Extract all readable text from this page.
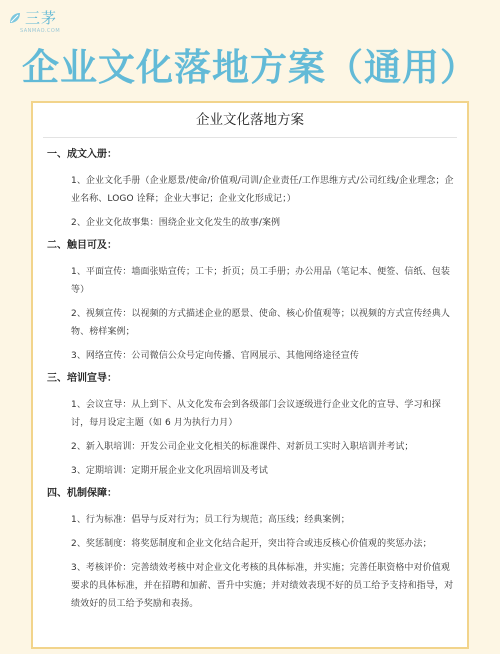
三茅
SANMAO.COM
企业文化落地方案（通用）
企业文化落地方案
一、成文入册：
1、企业文化手册（企业愿景/使命/价值观/司训/企业责任/工作思维方式/公司红线/企业理念；企业名称、LOGO 诠释；企业大事记；企业文化形成记；）
2、企业文化故事集：围绕企业文化发生的故事/案例
二、触目可及：
1、平面宣传：墙面张贴宣传；工卡；折页；员工手册；办公用品（笔记本、便签、信纸、包装等）
2、视频宣传：以视频的方式描述企业的愿景、使命、核心价值观等；以视频的方式宣传经典人物、榜样案例；
3、网络宣传：公司微信公众号定向传播、官网展示、其他网络途径宣传
三、培训宣导：
1、会议宣导：从上到下、从文化发布会到各级部门会议逐级进行企业文化的宣导、学习和探讨，每月设定主题（如 6 月为执行力月）
2、新入职培训：开发公司企业文化相关的标准课件、对新员工实时入职培训并考试；
3、定期培训：定期开展企业文化巩固培训及考试
四、机制保障：
1、行为标准：倡导与反对行为；员工行为规范；高压线；经典案例；
2、奖惩制度：将奖惩制度和企业文化结合起开，突出符合或违反核心价值观的奖惩办法；
3、考核评价：完善绩效考核中对企业文化考核的具体标准，并实施；完善任职资格中对价值观要求的具体标准，并在招聘和加薪、晋升中实施；并对绩效表现不好的员工给予支持和指导，对绩效好的员工给予奖励和表扬。
